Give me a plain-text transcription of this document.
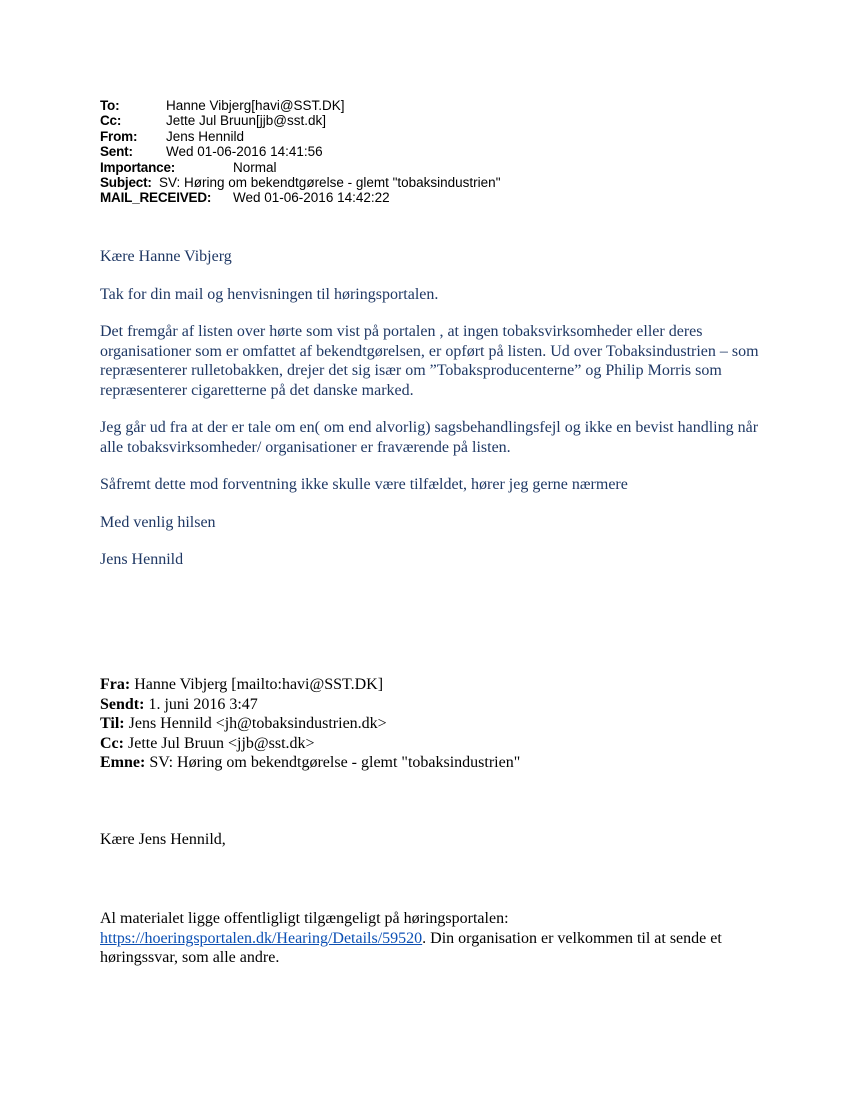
To:	Hanne Vibjerg[havi@SST.DK]
Cc:	Jette Jul Bruun[jjb@sst.dk]
From: Jens Hennild
Sent: Wed 01-06-2016 14:41:56
Importance:	Normal
Subject: SV: Høring om bekendtgørelse - glemt "tobaksindustrien"
MAIL_RECEIVED: Wed 01-06-2016 14:42:22

Kære Hanne Vibjerg

Tak for din mail og henvisningen til høringsportalen.

Det fremgår af listen over hørte som vist på portalen , at ingen tobaksvirksomheder eller deres organisationer som er omfattet af bekendtgørelsen, er opført på listen. Ud over Tobaksindustrien – som repræsenterer rulletobakken, drejer det sig især om ”Tobaksproducenterne” og Philip Morris som repræsenterer cigaretterne på det danske marked.

Jeg går ud fra at der er tale om en( om end alvorlig) sagsbehandlingsfejl og ikke en bevist handling når alle tobaksvirksomheder/ organisationer er fraværende på listen.

Såfremt dette mod forventning ikke skulle være tilfældet, hører jeg gerne nærmere

Med venlig hilsen

Jens Hennild

Fra: Hanne Vibjerg [mailto:havi@SST.DK]
Sendt: 1. juni 2016 3:47
Til: Jens Hennild <jh@tobaksindustrien.dk>
Cc: Jette Jul Bruun <jjb@sst.dk>
Emne: SV: Høring om bekendtgørelse - glemt "tobaksindustrien"

Kære Jens Hennild,

Al materialet ligge offentligligt tilgængeligt på høringsportalen:
https://hoeringsportalen.dk/Hearing/Details/59520. Din organisation er velkommen til at sende et høringssvar, som alle andre.
